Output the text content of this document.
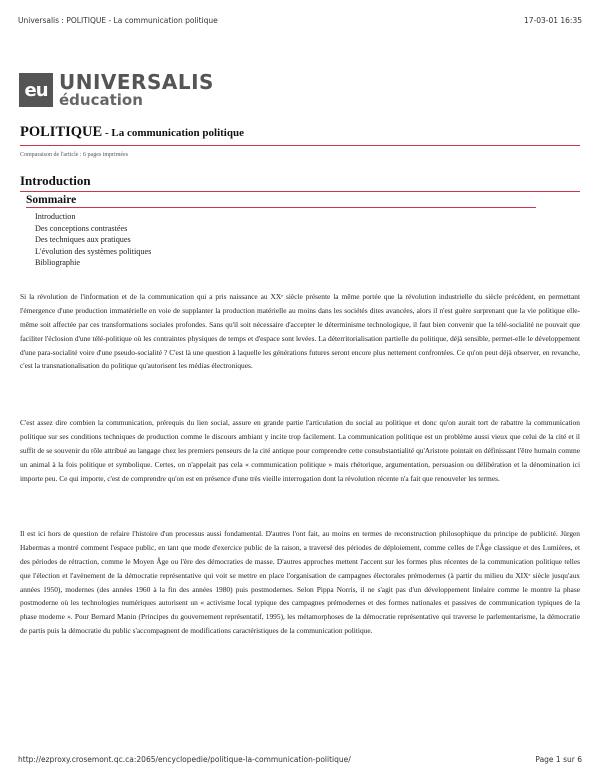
Universalis : POLITIQUE - La communication politique	17-03-01 16:35
eu UNIVERSALIS
éducation
POLITIQUE - La communication politique
Comparaison de l'article : 6 pages imprimées
Introduction
Sommaire
Introduction
Des conceptions contrastées
Des techniques aux pratiques
L'évolution des systèmes politiques
Bibliographie

Si la révolution de l'information et de la communication qui a pris naissance au XXᵉ siècle présente la même portée que la révolution industrielle du siècle précédent, en permettant l'émergence d'une production immatérielle en voie de supplanter la production matérielle au moins dans les sociétés dites avancées, alors il n'est guère surprenant que la vie politique elle-même soit affectée par ces transformations sociales profondes. Sans qu'il soit nécessaire d'accepter le déterminisme technologique, il faut bien convenir que la télé-socialité ne pouvait que faciliter l'éclosion d'une télé-politique où les contraintes physiques de temps et d'espace sont levées. La déterritorialisation partielle du politique, déjà sensible, permet-elle le développement d'une para-socialité voire d'une pseudo-socialité ? C'est là une question à laquelle les générations futures seront encore plus nettement confrontées. Ce qu'on peut déjà observer, en revanche, c'est la transnationalisation du politique qu'autorisent les médias électroniques.

C'est assez dire combien la communication, prérequis du lien social, assure en grande partie l'articulation du social au politique et donc qu'on aurait tort de rabattre la communication politique sur ses conditions techniques de production comme le discours ambiant y incite trop facilement. La communication politique est un problème aussi vieux que celui de la cité et il suffit de se souvenir du rôle attribué au langage chez les premiers penseurs de la cité antique pour comprendre cette consubstantialité qu'Aristote pointait en définissant l'être humain comme un animal à la fois politique et symbolique. Certes, on n'appelait pas cela « communication politique » mais rhétorique, argumentation, persuasion ou délibération et la dénomination ici importe peu. Ce qui importe, c'est de comprendre qu'on est en présence d'une très vieille interrogation dont la révolution récente n'a fait que renouveler les termes.

Il est ici hors de question de refaire l'histoire d'un processus aussi fondamental. D'autres l'ont fait, au moins en termes de reconstruction philosophique du principe de publicité. Jürgen Habermas a montré comment l'espace public, en tant que mode d'exercice public de la raison, a traversé des périodes de déploiement, comme celles de l'Âge classique et des Lumières, et des périodes de rétraction, comme le Moyen Âge ou l'ère des démocraties de masse. D'autres approches mettent l'accent sur les formes plus récentes de la communication politique telles que l'élection et l'avènement de la démocratie représentative qui voit se mettre en place l'organisation de campagnes électorales prémodernes (à partir du milieu du XIXᵉ siècle jusqu'aux années 1950), modernes (des années 1960 à la fin des années 1980) puis postmodernes. Selon Pippa Norris, il ne s'agit pas d'un développement linéaire comme le montre la phase postmoderne où les technologies numériques autorisent un « activisme local typique des campagnes prémodernes et des formes nationales et passives de communication typiques de la phase moderne ». Pour Bernard Manin (Principes du gouvernement représentatif, 1995), les métamorphoses de la démocratie représentative qui traverse le parlementarisme, la démocratie de partis puis la démocratie du public s'accompagnent de modifications caractéristiques de la communication politique.

http://ezproxy.crosemont.qc.ca:2065/encyclopedie/politique-la-communication-politique/	Page 1 sur 6
